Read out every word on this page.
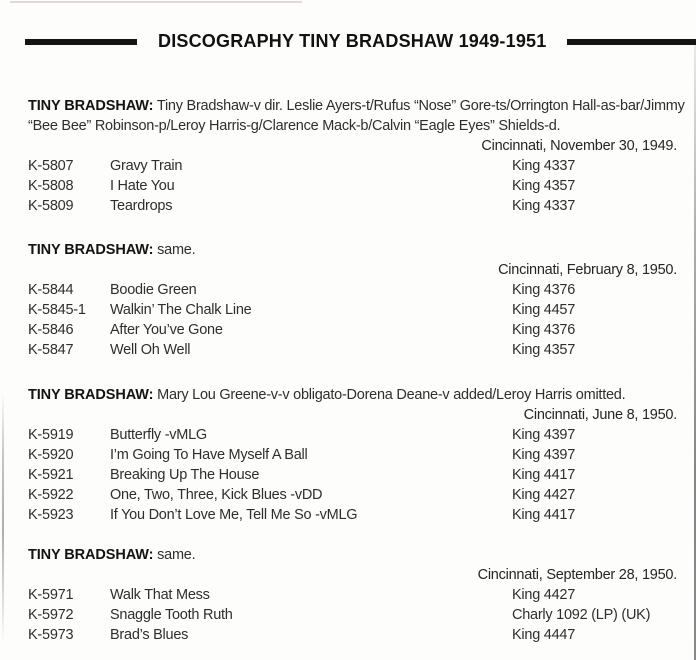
DISCOGRAPHY TINY BRADSHAW 1949-1951

TINY BRADSHAW: Tiny Bradshaw-v dir. Leslie Ayers-t/Rufus “Nose” Gore-ts/Orrington Hall-as-bar/Jimmy “Bee Bee” Robinson-p/Leroy Harris-g/Clarence Mack-b/Calvin “Eagle Eyes” Shields-d.

Cincinnati, November 30, 1949.

K-5807	Gravy Train	King 4337
K-5808	I Hate You	King 4357
K-5809	Teardrops	King 4337

TINY BRADSHAW: same.

Cincinnati, February 8, 1950.

K-5844	Boodie Green	King 4376
K-5845-1 Walkin’ The Chalk Line	King 4457
K-5846	After You’ve Gone	King 4376
K-5847	Well Oh Well	King 4357

TINY BRADSHAW: Mary Lou Greene-v-v obligato-Dorena Deane-v added/Leroy Harris omitted.

Cincinnati, June 8, 1950.

K-5919	Butterfly -vMLG	King 4397
K-5920	I’m Going To Have Myself A Ball	King 4397
K-5921	Breaking Up The House	King 4417
K-5922	One, Two, Three, Kick Blues -vDD	King 4427
K-5923	If You Don’t Love Me, Tell Me So -vMLG	King 4417

TINY BRADSHAW: same.

Cincinnati, September 28, 1950.

K-5971	Walk That Mess	King 4427
K-5972	Snaggle Tooth Ruth	Charly 1092 (LP) (UK)
K-5973	Brad’s Blues	King 4447
